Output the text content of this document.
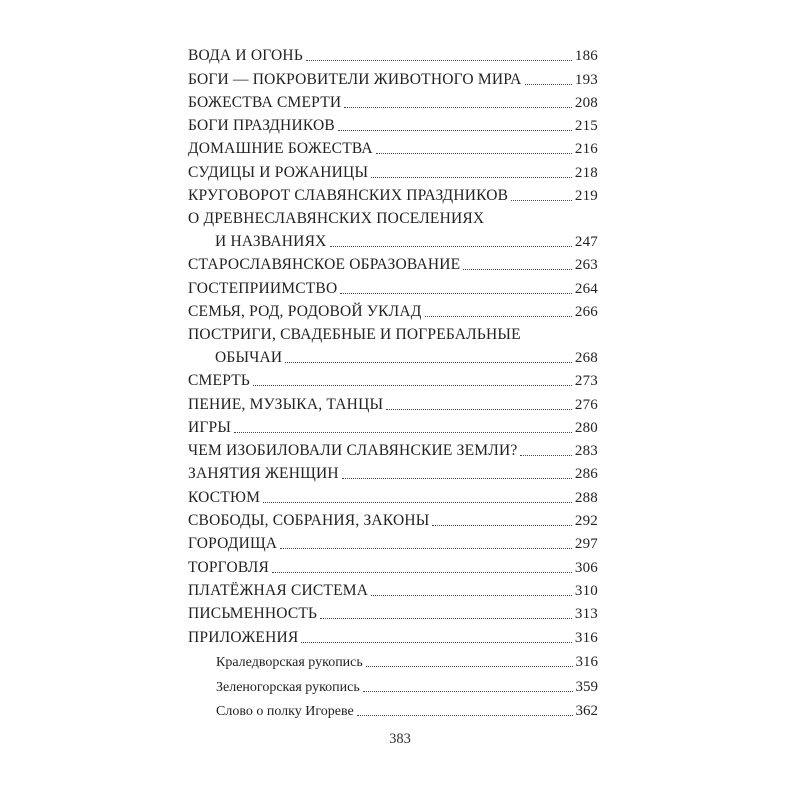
ВОДА И ОГОНЬ	186
БОГИ — ПОКРОВИТЕЛИ ЖИВОТНОГО МИРА	193
БОЖЕСТВА СМЕРТИ	208
БОГИ ПРАЗДНИКОВ	215
ДОМАШНИЕ БОЖЕСТВА	216
СУДИЦЫ И РОЖАНИЦЫ	218
КРУГОВОРОТ СЛАВЯНСКИХ ПРАЗДНИКОВ	219
О ДРЕВНЕСЛАВЯНСКИХ ПОСЕЛЕНИЯХ
И НАЗВАНИЯХ	247
СТАРОСЛАВЯНСКОЕ ОБРАЗОВАНИЕ	263
ГОСТЕПРИИМСТВО	264
СЕМЬЯ, РОД, РОДОВОЙ УКЛАД	266
ПОСТРИГИ, СВАДЕБНЫЕ И ПОГРЕБАЛЬНЫЕ
ОБЫЧАИ	268
СМЕРТЬ	273
ПЕНИЕ, МУЗЫКА, ТАНЦЫ	276
ИГРЫ	280
ЧЕМ ИЗОБИЛОВАЛИ СЛАВЯНСКИЕ ЗЕМЛИ?	283
ЗАНЯТИЯ ЖЕНЩИН	286
КОСТЮМ	288
СВОБОДЫ, СОБРАНИЯ, ЗАКОНЫ	292
ГОРОДИЩА	297
ТОРГОВЛЯ	306
ПЛАТЁЖНАЯ СИСТЕМА	310
ПИСЬМЕННОСТЬ	313
ПРИЛОЖЕНИЯ	316
Краледворская рукопись	316
Зеленогорская рукопись	359
Слово о полку Игореве	362
383
